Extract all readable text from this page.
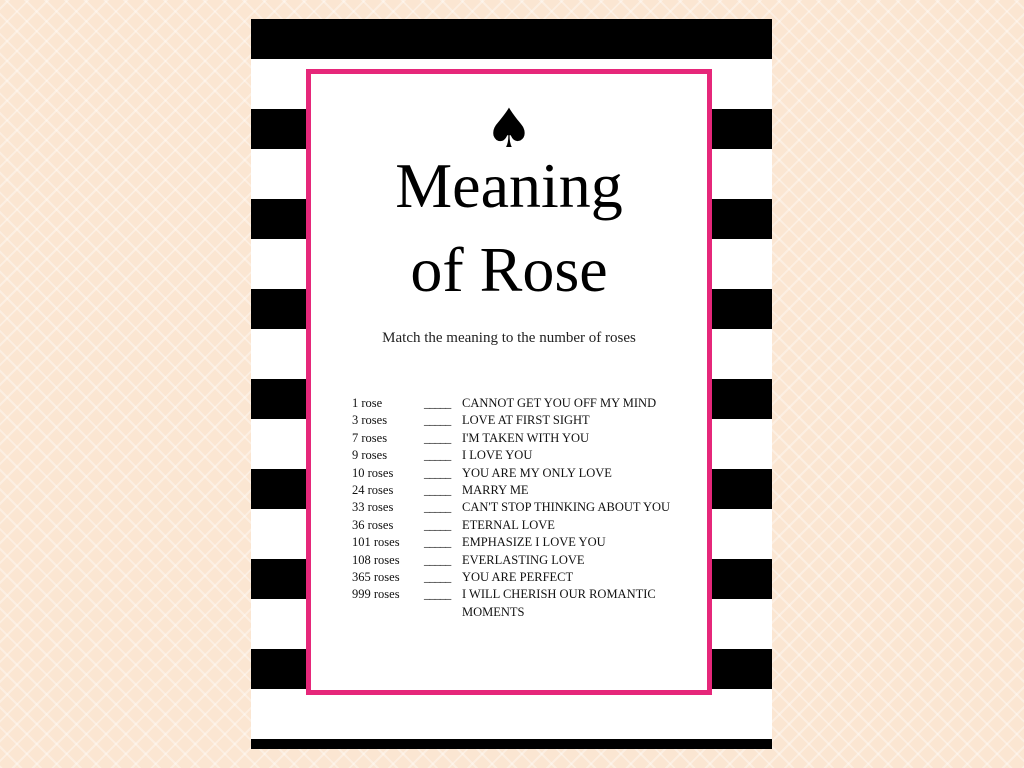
♠
Meaning
of Rose
Match the meaning to the number of roses
1 rose	_____ CANNOT GET YOU OFF MY MIND
3 roses	_____ LOVE AT FIRST SIGHT
7 roses	_____ I'M TAKEN WITH YOU
9 roses	_____ I LOVE YOU
10 roses	_____ YOU ARE MY ONLY LOVE
24 roses	_____ MARRY ME
33 roses	_____ CAN'T STOP THINKING ABOUT YOU
36 roses	_____ ETERNAL LOVE
101 roses	_____ EMPHASIZE I LOVE YOU
108 roses	_____ EVERLASTING LOVE
365 roses	_____ YOU ARE PERFECT
999 roses	_____ I WILL CHERISH OUR ROMANTIC MOMENTS
